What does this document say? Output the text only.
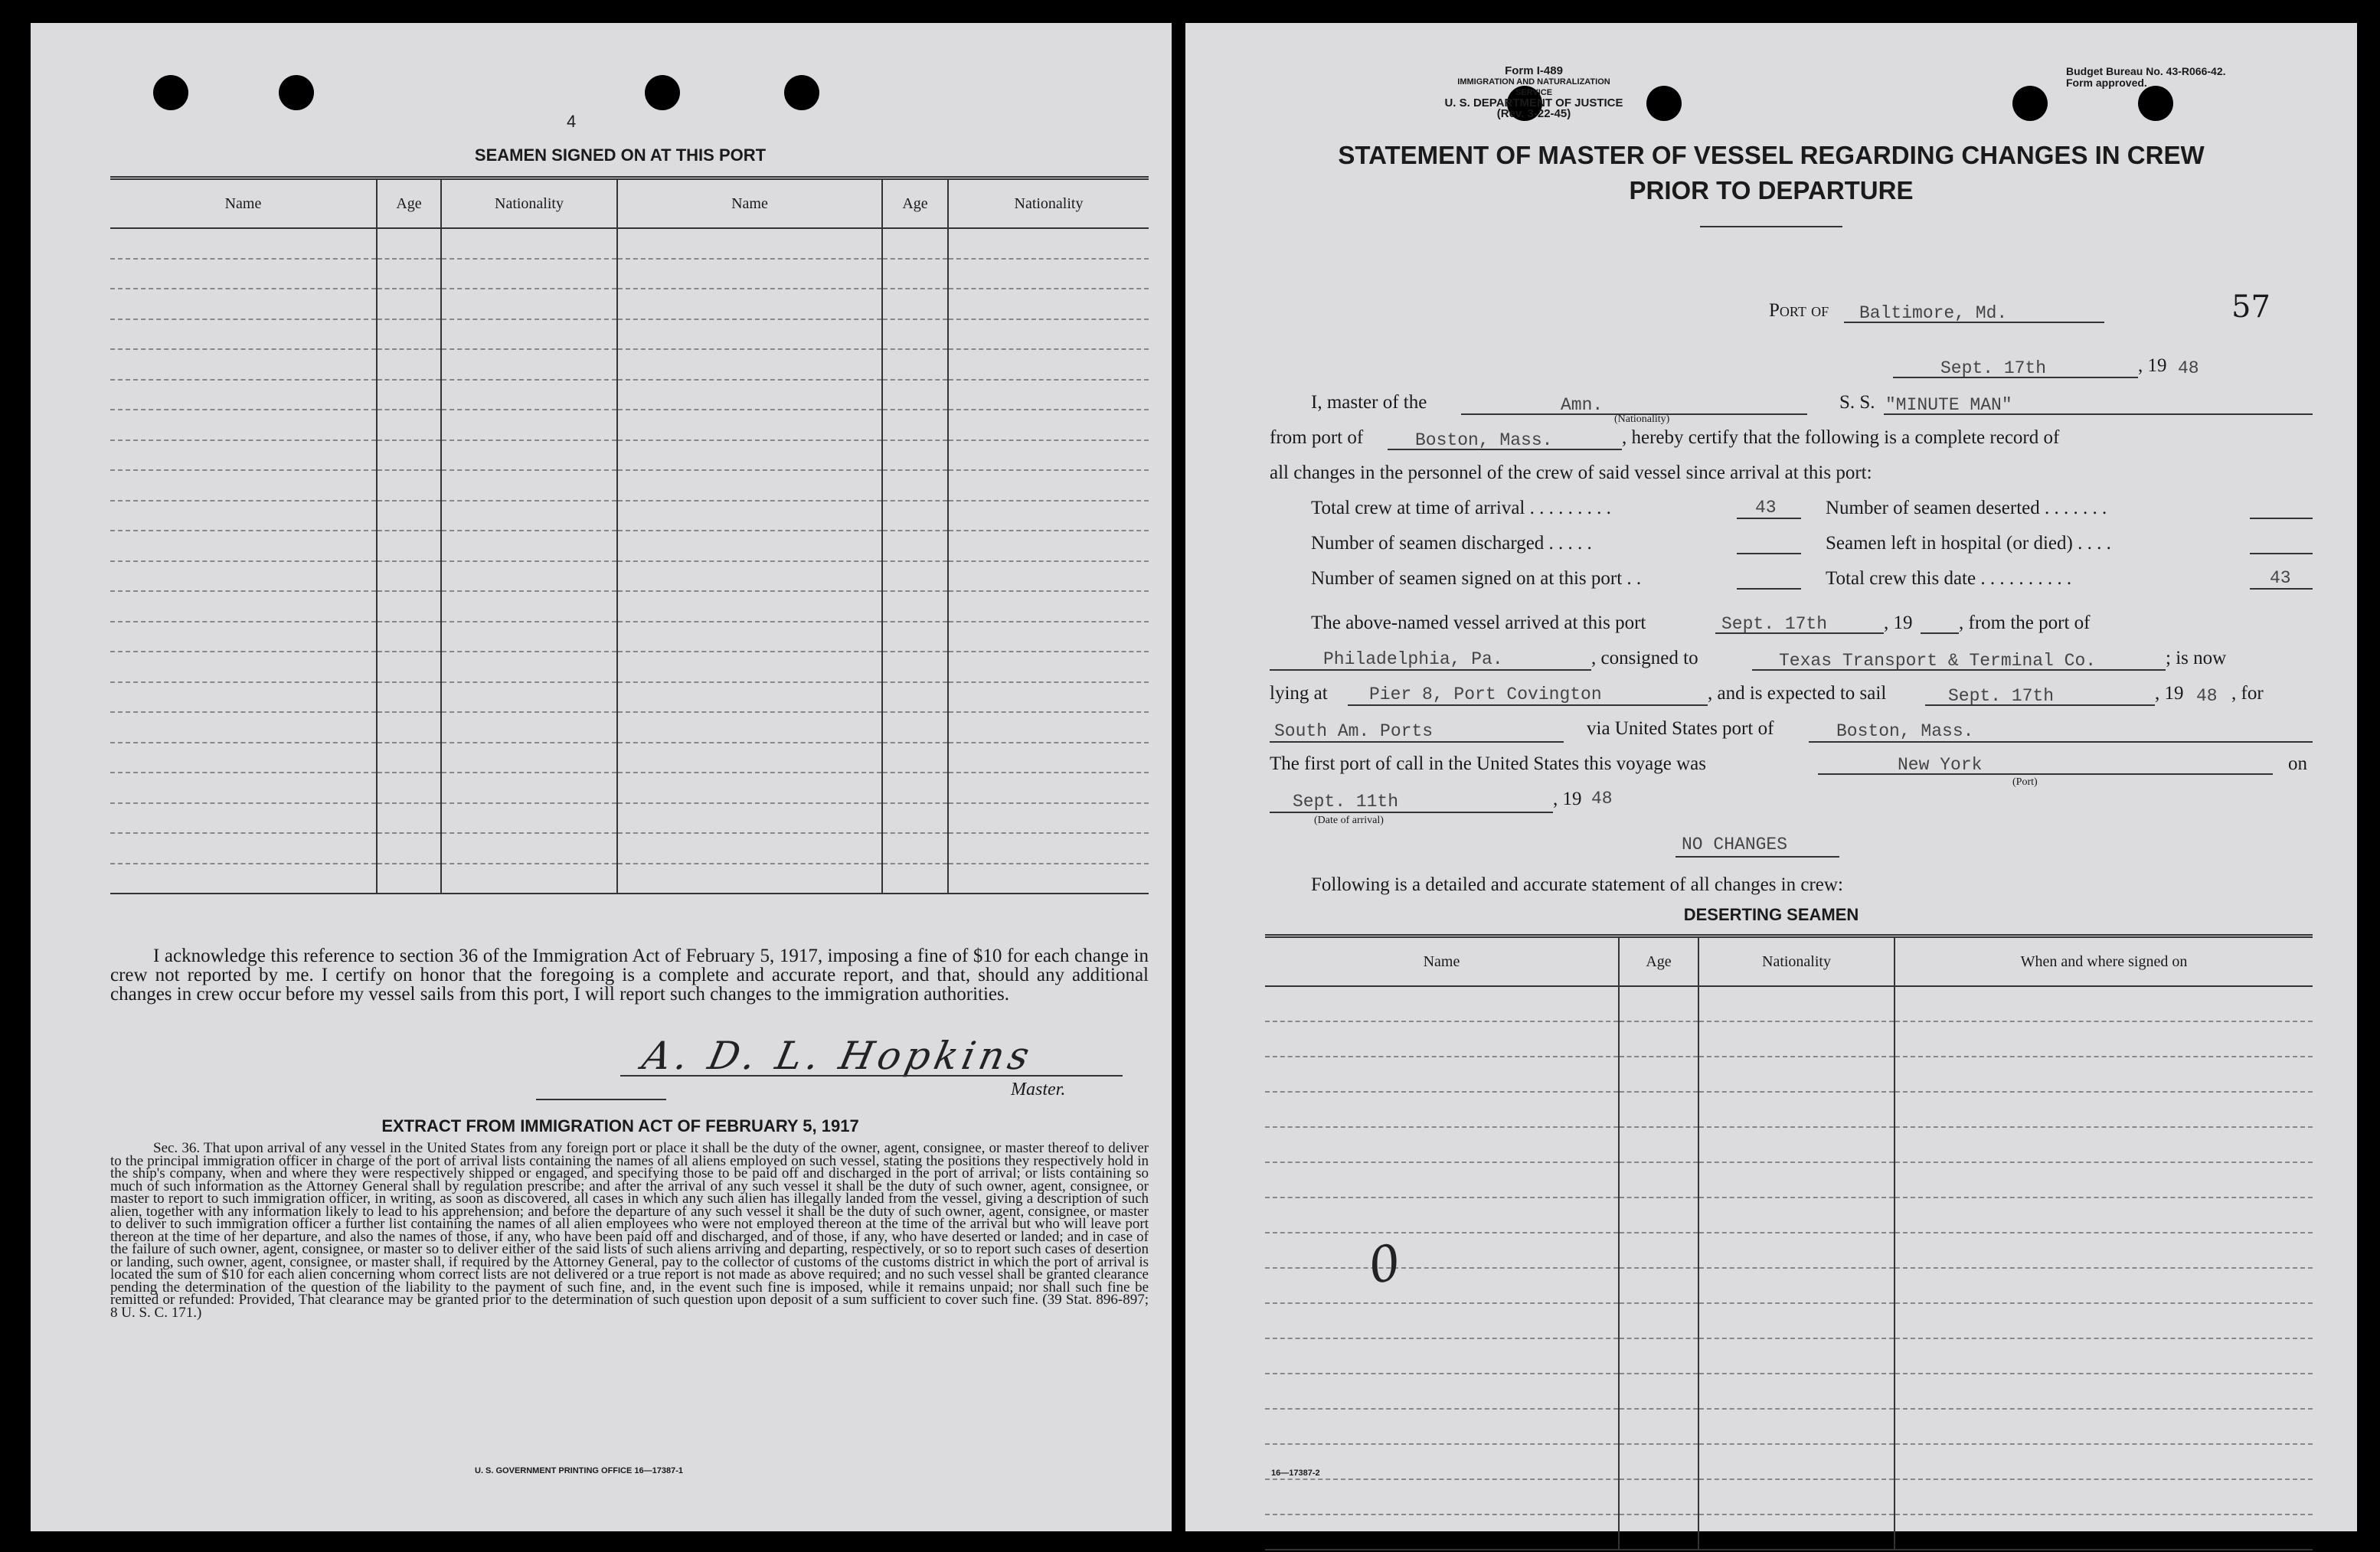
4
SEAMEN SIGNED ON AT THIS PORT
Name	Age	Nationality	Name	Age	Nationality

I acknowledge this reference to section 36 of the Immigration Act of February 5, 1917, imposing a fine of $10 for each change in crew not reported by me. I certify on honor that the foregoing is a complete and accurate report, and that, should any additional changes in crew occur before my vessel sails from this port, I will report such changes to the immigration authorities.
A. D. L. Hopkins
Master.
EXTRACT FROM IMMIGRATION ACT OF FEBRUARY 5, 1917
Sec. 36. That upon arrival of any vessel in the United States from any foreign port or place it shall be the duty of the owner, agent, consignee, or master thereof to deliver to the principal immigration officer in charge of the port of arrival lists containing the names of all aliens employed on such vessel, stating the positions they respectively hold in the ship's company, when and where they were respectively shipped or engaged, and specifying those to be paid off and discharged in the port of arrival; or lists containing so much of such information as the Attorney General shall by regulation prescribe; and after the arrival of any such vessel it shall be the duty of such owner, agent, consignee, or master to report to such immigration officer, in writing, as soon as discovered, all cases in which any such alien has illegally landed from the vessel, giving a description of such alien, together with any information likely to lead to his apprehension; and before the departure of any such vessel it shall be the duty of such owner, agent, consignee, or master to deliver to such immigration officer a further list containing the names of all alien employees who were not employed thereon at the time of the arrival but who will leave port thereon at the time of her departure, and also the names of those, if any, who have been paid off and discharged, and of those, if any, who have deserted or landed; and in case of the failure of such owner, agent, consignee, or master so to deliver either of the said lists of such aliens arriving and departing, respectively, or so to report such cases of desertion or landing, such owner, agent, consignee, or master shall, if required by the Attorney General, pay to the collector of customs of the customs district in which the port of arrival is located the sum of $10 for each alien concerning whom correct lists are not delivered or a true report is not made as above required; and no such vessel shall be granted clearance pending the determination of the question of the liability to the payment of such fine, and, in the event such fine is imposed, while it remains unpaid; nor shall such fine be remitted or refunded: Provided, That clearance may be granted prior to the determination of such question upon deposit of a sum sufficient to cover such fine. (39 Stat. 896-897; 8 U. S. C. 171.)
U. S. GOVERNMENT PRINTING OFFICE 16—17387-1
Form I-489
IMMIGRATION AND NATURALIZATION SERVICE
U. S. DEPARTMENT OF JUSTICE
(Rev. 3-22-45)
Budget Bureau No. 43-R066-42.
Form approved.
STATEMENT OF MASTER OF VESSEL REGARDING CHANGES IN CREW
PRIOR TO DEPARTURE
Port of Baltimore, Md.	57
Sept. 17th	, 19 48
I, master of the	Amn.
(Nationality)
S. S. "MINUTE MAN"
from port of	Boston, Mass.	, hereby certify that the following is a complete record of
all changes in the personnel of the crew of said vessel since arrival at this port:
Total crew at time of arrival . . . . . . . . .	43	Number of seamen deserted . . . . . . .
Number of seamen discharged . . . . .	Seamen left in hospital (or died) . . . .
Number of seamen signed on at this port . .	Total crew this date . . . . . . . . . .	43
The above-named vessel arrived at this port	Sept. 17th	, 19 , from the port of
Philadelphia, Pa.	, consigned to	Texas Transport & Terminal Co.	; is now
lying at Pier 8, Port Covington	, and is expected to sail	Sept. 17th	, 19 48 , for
South Am. Ports	via United States port of	Boston, Mass.
The first port of call in the United States this voyage was	New York
(Port)
on
Sept. 11th	, 19 48
(Date of arrival)
NO CHANGES
Following is a detailed and accurate statement of all changes in crew:
DESERTING SEAMEN
Name	Age	Nationality	When and where signed on

0
16—17387-2
